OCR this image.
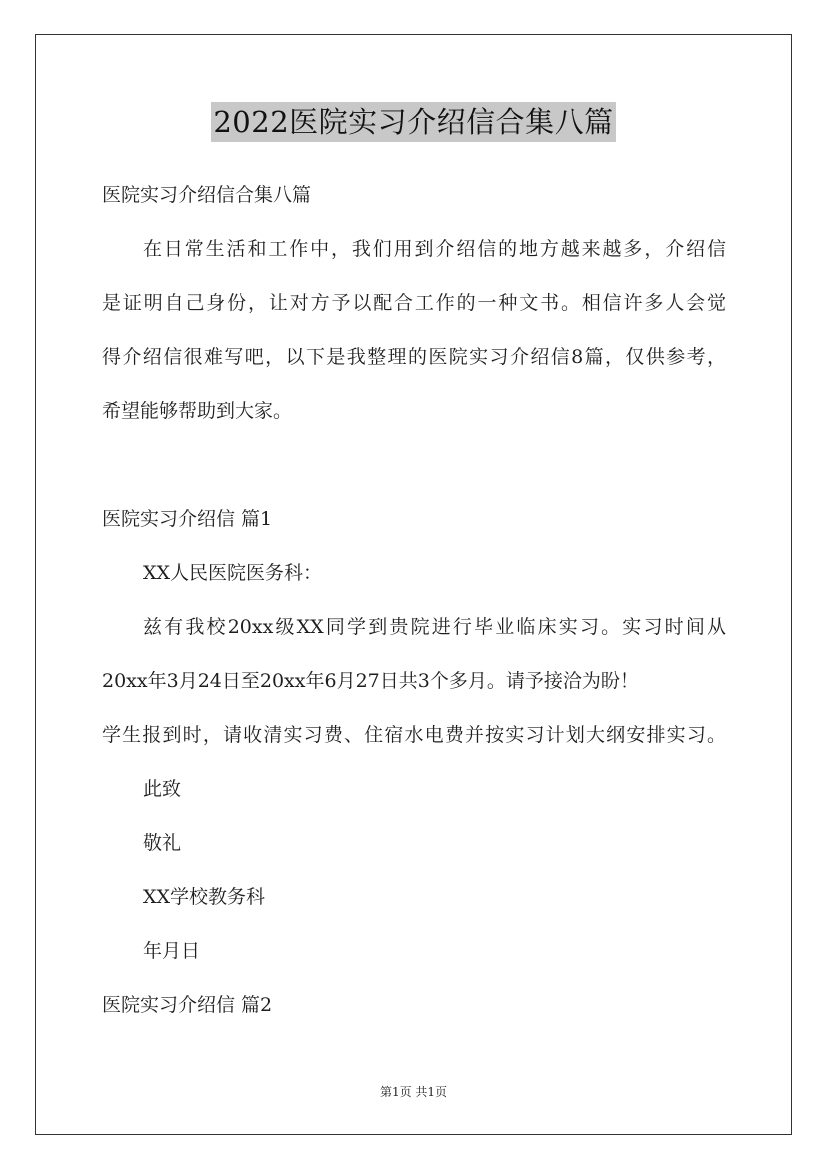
2022医院实习介绍信合集八篇
医院实习介绍信合集八篇
在日常生活和工作中，我们用到介绍信的地方越来越多，介绍信
是证明自己身份，让对方予以配合工作的一种文书。相信许多人会觉
得介绍信很难写吧，以下是我整理的医院实习介绍信8篇，仅供参考，
希望能够帮助到大家。
医院实习介绍信 篇1
XX人民医院医务科：
兹有我校20xx级XX同学到贵院进行毕业临床实习。实习时间从
20xx年3月24日至20xx年6月27日共3个多月。请予接洽为盼！
学生报到时，请收清实习费、住宿水电费并按实习计划大纲安排实习。
此致
敬礼
XX学校教务科
年月日
医院实习介绍信 篇2
第1页 共1页
